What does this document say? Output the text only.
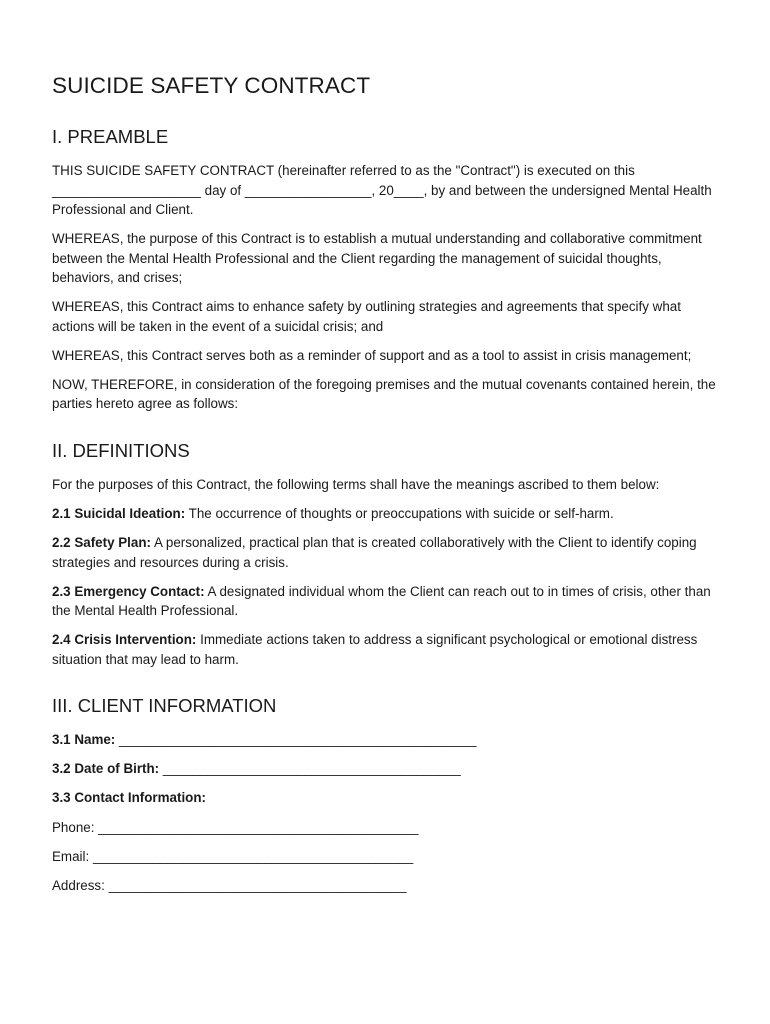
SUICIDE SAFETY CONTRACT
I. PREAMBLE

THIS SUICIDE SAFETY CONTRACT (hereinafter referred to as the "Contract") is executed on this ____________________ day of _________________, 20____, by and between the undersigned Mental Health Professional and Client.

WHEREAS, the purpose of this Contract is to establish a mutual understanding and collaborative commitment between the Mental Health Professional and the Client regarding the management of suicidal thoughts, behaviors, and crises;

WHEREAS, this Contract aims to enhance safety by outlining strategies and agreements that specify what actions will be taken in the event of a suicidal crisis; and

WHEREAS, this Contract serves both as a reminder of support and as a tool to assist in crisis management;

NOW, THEREFORE, in consideration of the foregoing premises and the mutual covenants contained herein, the parties hereto agree as follows:

II. DEFINITIONS

For the purposes of this Contract, the following terms shall have the meanings ascribed to them below:

2.1 Suicidal Ideation: The occurrence of thoughts or preoccupations with suicide or self-harm.

2.2 Safety Plan: A personalized, practical plan that is created collaboratively with the Client to identify coping strategies and resources during a crisis.

2.3 Emergency Contact: A designated individual whom the Client can reach out to in times of crisis, other than the Mental Health Professional.

2.4 Crisis Intervention: Immediate actions taken to address a significant psychological or emotional distress situation that may lead to harm.

III. CLIENT INFORMATION

3.1 Name: ________________________________________________

3.2 Date of Birth: ________________________________________

3.3 Contact Information:

Phone: ___________________________________________

Email: ___________________________________________

Address: ________________________________________
